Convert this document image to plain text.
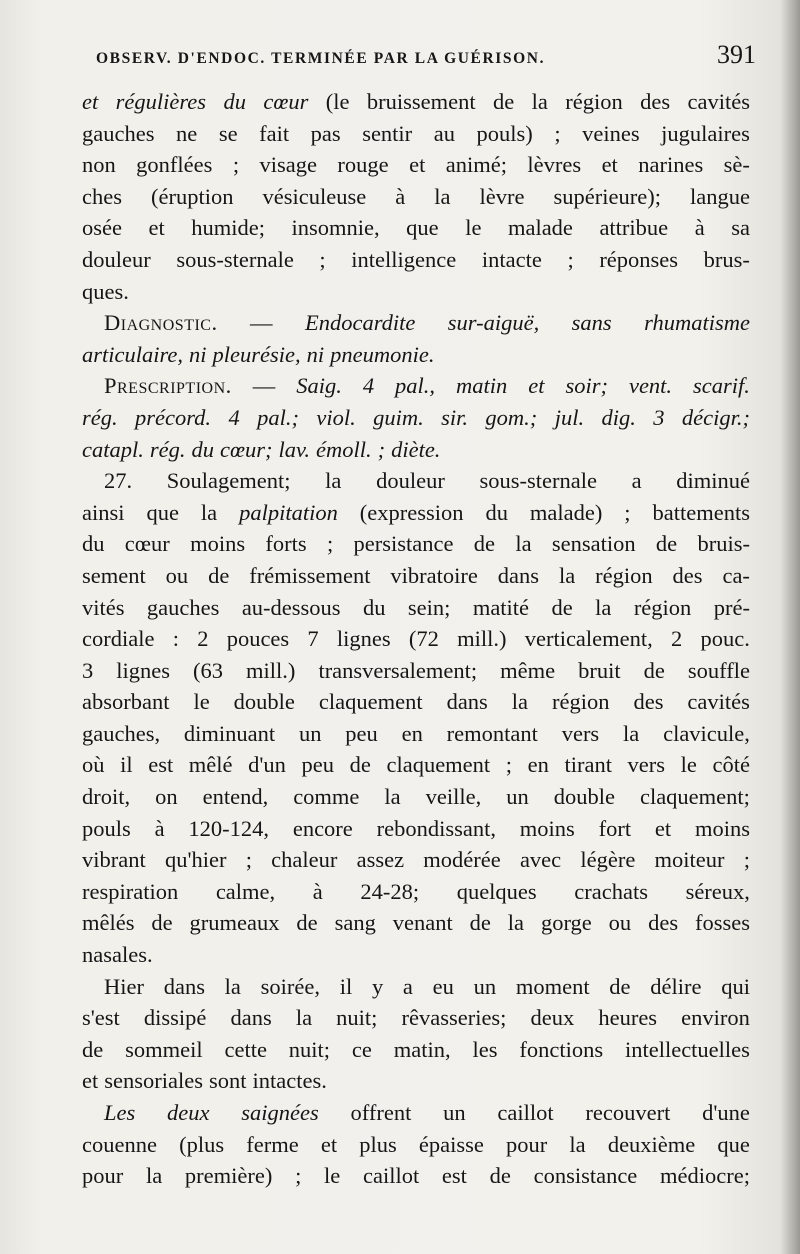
OBSERV. D'ENDOC. TERMINÉE PAR LA GUÉRISON.	391
et régulières du cœur (le bruissement de la région des cavités
gauches ne se fait pas sentir au pouls) ; veines jugulaires
non gonflées ; visage rouge et animé; lèvres et narines sè-
ches (éruption vésiculeuse à la lèvre supérieure); langue
osée et humide; insomnie, que le malade attribue à sa
douleur sous-sternale ; intelligence intacte ; réponses brus-
ques.
Diagnostic. — Endocardite sur-aiguë, sans rhumatisme
articulaire, ni pleurésie, ni pneumonie.
Prescription. — Saig. 4 pal., matin et soir; vent. scarif.
rég. précord. 4 pal.; viol. guim. sir. gom.; jul. dig. 3 décigr.;
catapl. rég. du cœur; lav. émoll. ; diète.
27. Soulagement; la douleur sous-sternale a diminué
ainsi que la palpitation (expression du malade) ; battements
du cœur moins forts ; persistance de la sensation de bruis-
sement ou de frémissement vibratoire dans la région des ca-
vités gauches au-dessous du sein; matité de la région pré-
cordiale : 2 pouces 7 lignes (72 mill.) verticalement, 2 pouc.
3 lignes (63 mill.) transversalement; même bruit de souffle
absorbant le double claquement dans la région des cavités
gauches, diminuant un peu en remontant vers la clavicule,
où il est mêlé d'un peu de claquement ; en tirant vers le côté
droit, on entend, comme la veille, un double claquement;
pouls à 120-124, encore rebondissant, moins fort et moins
vibrant qu'hier ; chaleur assez modérée avec légère moiteur ;
respiration calme, à 24-28; quelques crachats séreux,
mêlés de grumeaux de sang venant de la gorge ou des fosses
nasales.
Hier dans la soirée, il y a eu un moment de délire qui
s'est dissipé dans la nuit; rêvasseries; deux heures environ
de sommeil cette nuit; ce matin, les fonctions intellectuelles
et sensoriales sont intactes.
Les deux saignées offrent un caillot recouvert d'une
couenne (plus ferme et plus épaisse pour la deuxième que
pour la première) ; le caillot est de consistance médiocre;
